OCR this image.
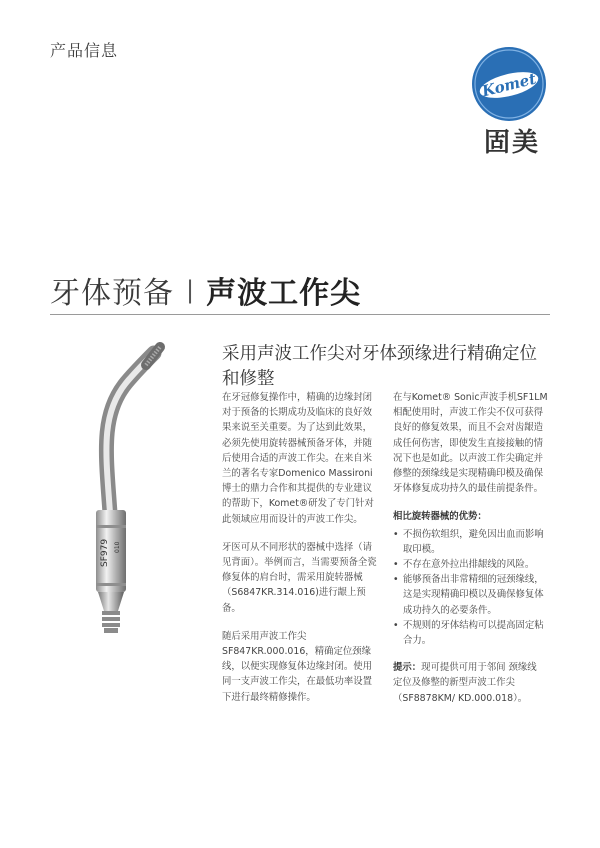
产品信息
Komet
固美
牙体预备 | 声波工作尖
SF979 010
采用声波工作尖对牙体颈缘进行精确定位和修整

在牙冠修复操作中，精确的边缘封闭对于预备的长期成功及临床的良好效果来说至关重要。为了达到此效果，必须先使用旋转器械预备牙体，并随后使用合适的声波工作尖。在来自米兰的著名专家Domenico Massironi博士的鼎力合作和其提供的专业建议的帮助下，Komet®研发了专门针对此领域应用而设计的声波工作尖。

牙医可从不同形状的器械中选择（请见背面）。举例而言，当需要预备全瓷修复体的肩台时，需采用旋转器械（S6847KR.314.016)进行龈上预备。

随后采用声波工作尖SF847KR.000.016，精确定位颈缘线，以便实现修复体边缘封闭。使用同一支声波工作尖，在最低功率设置下进行最终精修操作。

在与Komet® Sonic声波手机SF1LM相配使用时，声波工作尖不仅可获得良好的修复效果，而且不会对齿龈造成任何伤害，即使发生直接接触的情况下也是如此。以声波工作尖确定并修整的颈缘线是实现精确印模及确保牙体修复成功持久的最佳前提条件。

相比旋转器械的优势：
• 不损伤软组织，避免因出血而影响取印模。
• 不存在意外拉出排龈线的风险。
• 能够预备出非常精细的冠颈缘线，这是实现精确印模以及确保修复体成功持久的必要条件。
• 不规则的牙体结构可以提高固定粘合力。

提示：现可提供可用于邻间 颈缘线 定位及修整的新型声波工作尖（SF8878KM/ KD.000.018）。
